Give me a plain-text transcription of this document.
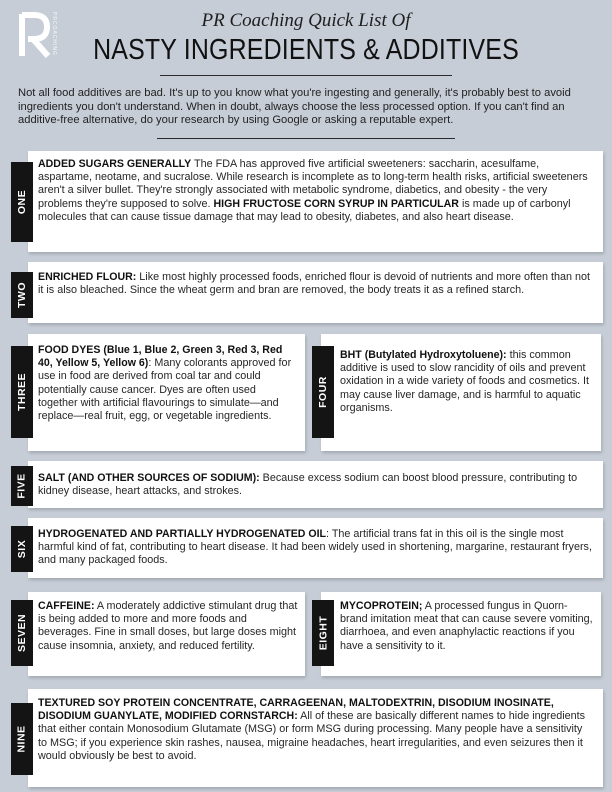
PRCOACHING	PR Coaching Quick List Of
NASTY INGREDIENTS & ADDITIVES
Not all food additives are bad. It's up to you know what you're ingesting and generally, it's probably best to avoid ingredients you don't understand. When in doubt, always choose the less processed option. If you can't find an additive-free alternative, do your research by using Google or asking a reputable expert.
ONE
ADDED SUGARS GENERALLY The FDA has approved five artificial sweeteners: saccharin, acesulfame, aspartame, neotame, and sucralose. While research is incomplete as to long-term health risks, artificial sweeteners aren't a silver bullet. They're strongly associated with metabolic syndrome, diabetics, and obesity - the very problems they're supposed to solve. HIGH FRUCTOSE CORN SYRUP IN PARTICULAR is made up of carbonyl molecules that can cause tissue damage that may lead to obesity, diabetes, and also heart disease.
TWO
ENRICHED FLOUR: Like most highly processed foods, enriched flour is devoid of nutrients and more often than not it is also bleached. Since the wheat germ and bran are removed, the body treats it as a refined starch.
THREE
FOOD DYES (Blue 1, Blue 2, Green 3, Red 3, Red 40, Yellow 5, Yellow 6): Many colorants approved for use in food are derived from coal tar and could potentially cause cancer. Dyes are often used together with artificial flavourings to simulate—and replace—real fruit, egg, or vegetable ingredients.
FOUR
BHT (Butylated Hydroxytoluene): this common additive is used to slow rancidity of oils and prevent oxidation in a wide variety of foods and cosmetics. It may cause liver damage, and is harmful to aquatic organisms.
FIVE SALT (AND OTHER SOURCES OF SODIUM): Because excess sodium can boost blood pressure, contributing to kidney disease, heart attacks, and strokes.
SIX
HYDROGENATED AND PARTIALLY HYDROGENATED OIL: The artificial trans fat in this oil is the single most harmful kind of fat, contributing to heart disease. It had been widely used in shortening, margarine, restaurant fryers, and many packaged foods.
SEVEN
CAFFEINE: A moderately addictive stimulant drug that is being added to more and more foods and beverages. Fine in small doses, but large doses might cause insomnia, anxiety, and reduced fertility.	EIGHT
MYCOPROTEIN; A processed fungus in Quorn-brand imitation meat that can cause severe vomiting, diarrhoea, and even anaphylactic reactions if you have a sensitivity to it.
NINE
TEXTURED SOY PROTEIN CONCENTRATE, CARRAGEENAN, MALTODEXTRIN, DISODIUM INOSINATE, DISODIUM GUANYLATE, MODIFIED CORNSTARCH: All of these are basically different names to hide ingredients that either contain Monosodium Glutamate (MSG) or form MSG during processing. Many people have a sensitivity to MSG; if you experience skin rashes, nausea, migraine headaches, heart irregularities, and even seizures then it would obviously be best to avoid.
